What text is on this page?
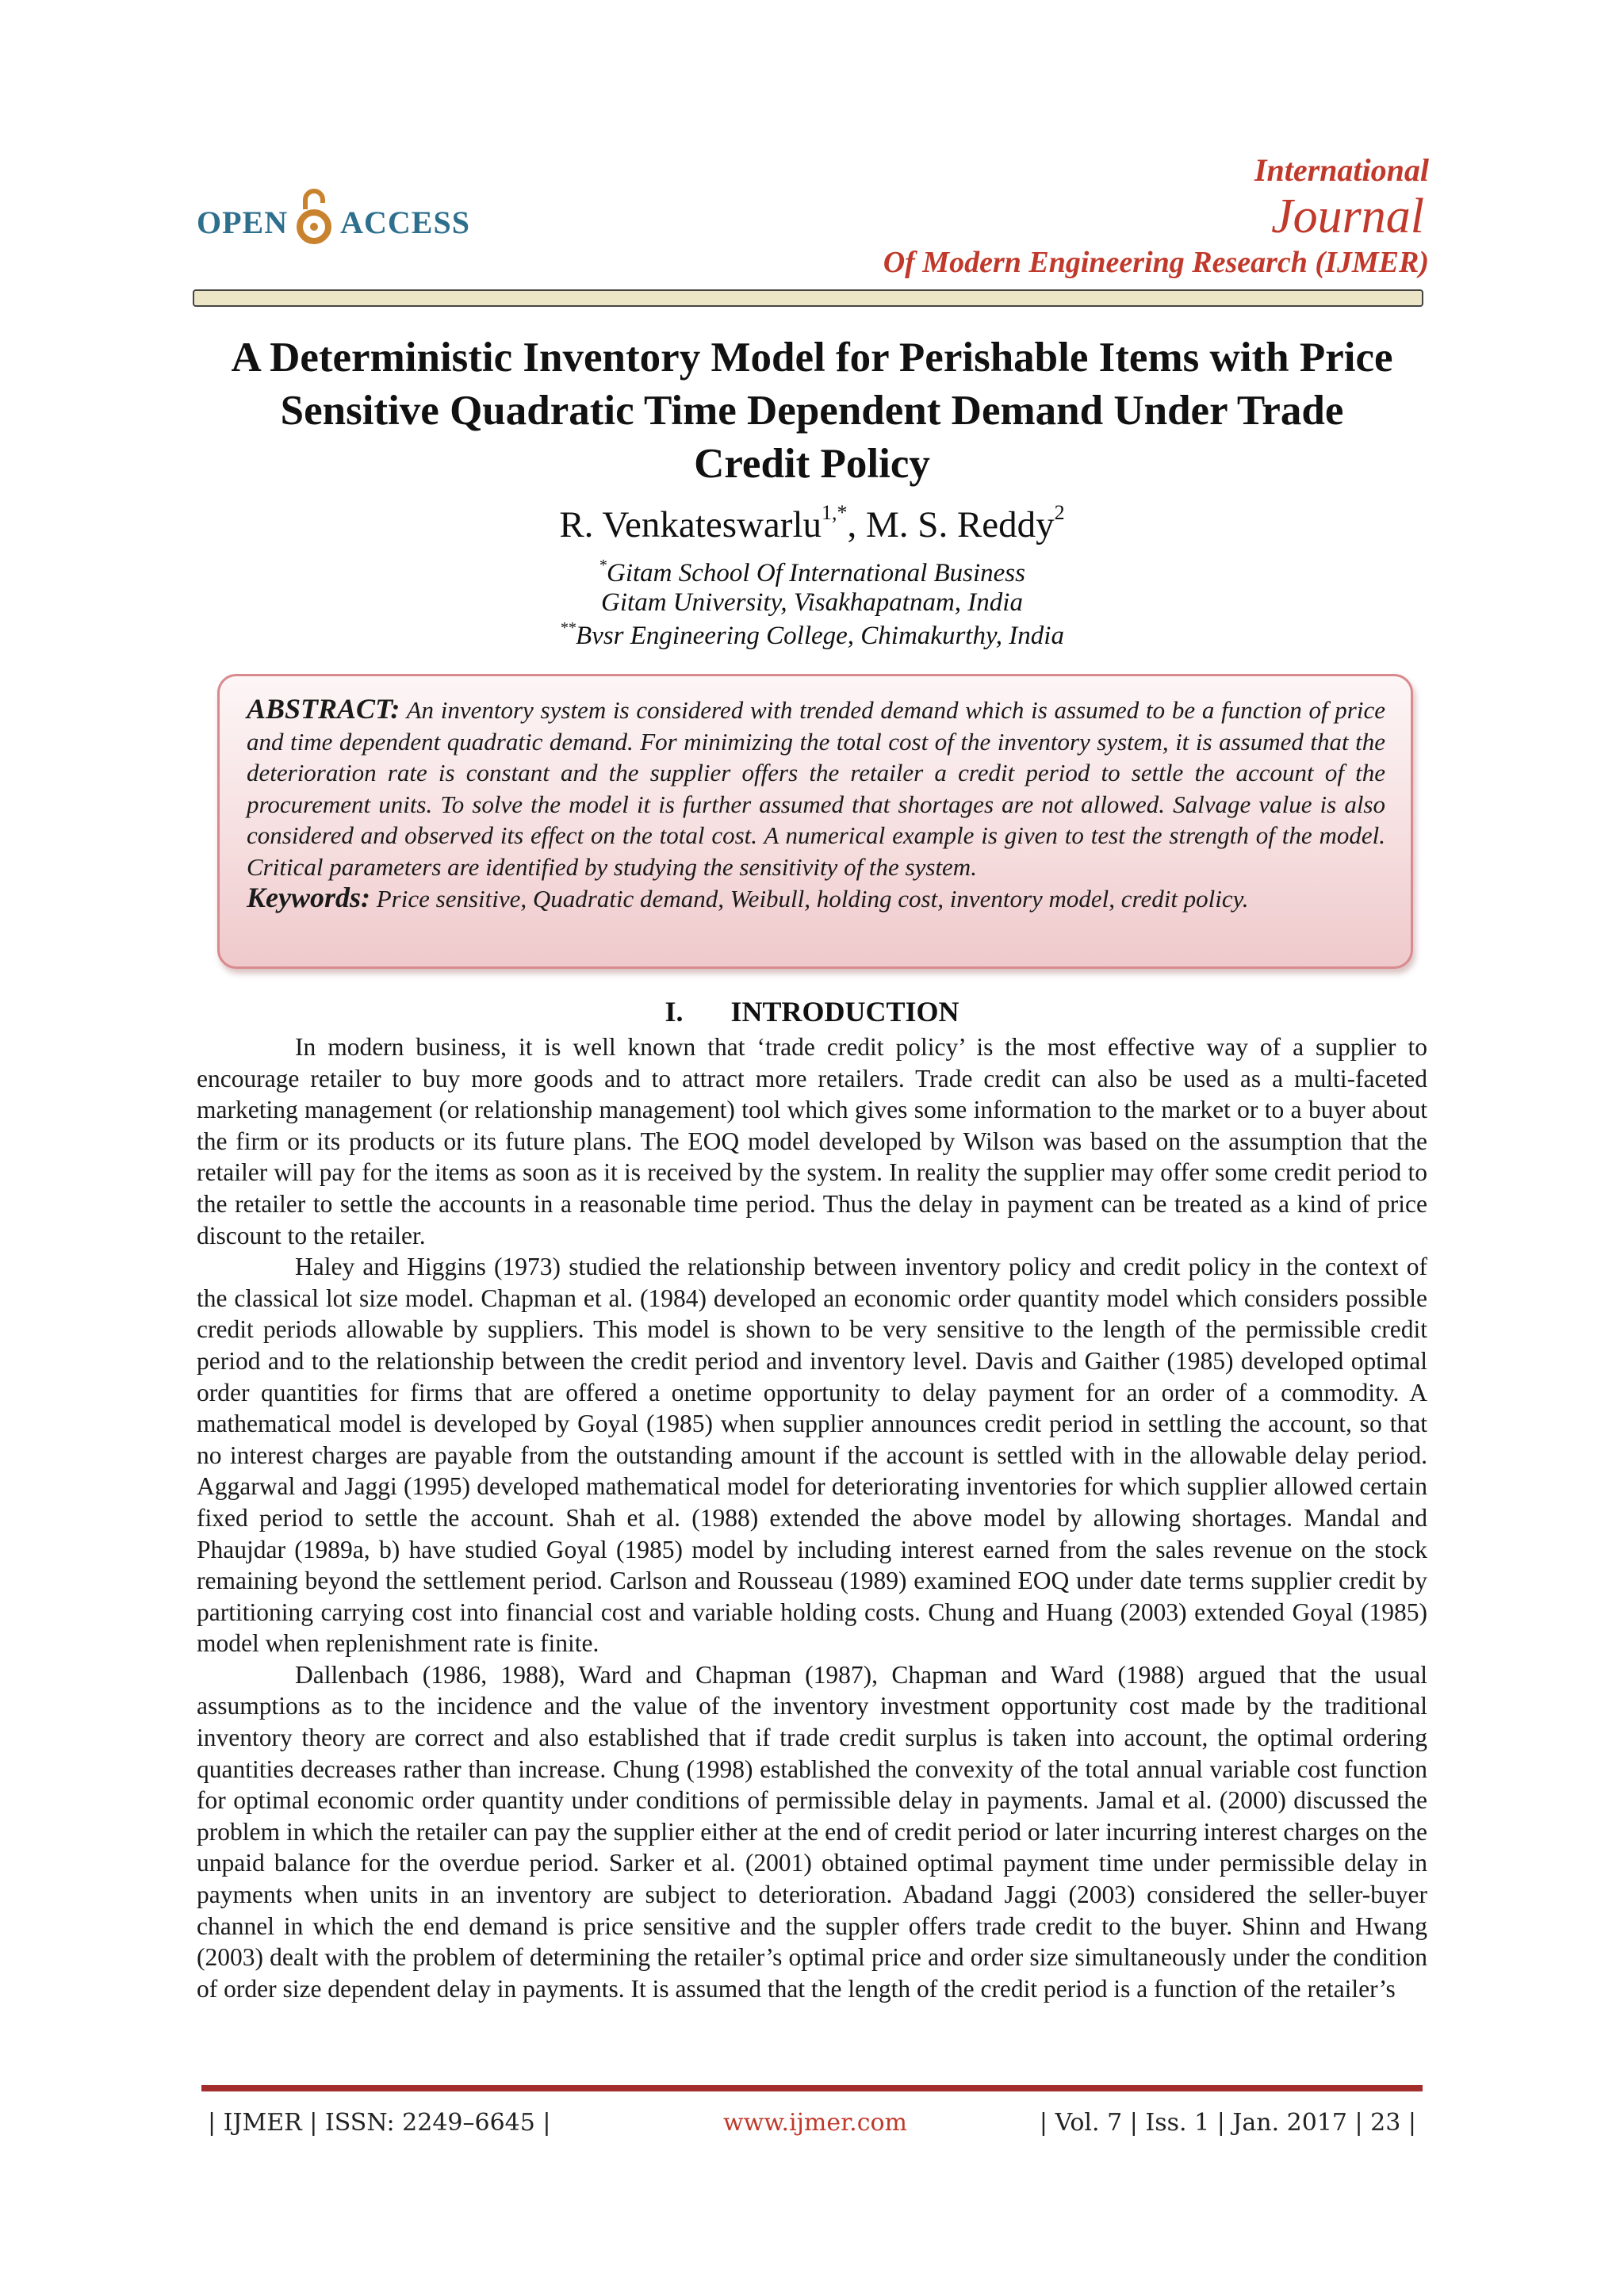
OPEN ACCESS
International
Journal
Of Modern Engineering Research (IJMER)
A Deterministic Inventory Model for Perishable Items with Price
Sensitive Quadratic Time Dependent Demand Under Trade
Credit Policy
R. Venkateswarlu$^{1,*}$, M. S. Reddy$^2$
*Gitam School Of International Business
Gitam University, Visakhapatnam, India
**Bvsr Engineering College, Chimakurthy, India

ABSTRACT: An inventory system is considered with trended demand which is assumed to be a function of price and time dependent quadratic demand. For minimizing the total cost of the inventory system, it is assumed that the deterioration rate is constant and the supplier offers the retailer a credit period to settle the account of the procurement units. To solve the model it is further assumed that shortages are not allowed. Salvage value is also considered and observed its effect on the total cost. A numerical example is given to test the strength of the model. Critical parameters are identified by studying the sensitivity of the system.

Keywords: Price sensitive, Quadratic demand, Weibull, holding cost, inventory model, credit policy.

I. INTRODUCTION

In modern business, it is well known that ‘trade credit policy’ is the most effective way of a supplier to encourage retailer to buy more goods and to attract more retailers. Trade credit can also be used as a multi-faceted marketing management (or relationship management) tool which gives some information to the market or to a buyer about the firm or its products or its future plans. The EOQ model developed by Wilson was based on the assumption that the retailer will pay for the items as soon as it is received by the system. In reality the supplier may offer some credit period to the retailer to settle the accounts in a reasonable time period. Thus the delay in payment can be treated as a kind of price discount to the retailer.

Haley and Higgins (1973) studied the relationship between inventory policy and credit policy in the context of the classical lot size model. Chapman et al. (1984) developed an economic order quantity model which considers possible credit periods allowable by suppliers. This model is shown to be very sensitive to the length of the permissible credit period and to the relationship between the credit period and inventory level. Davis and Gaither (1985) developed optimal order quantities for firms that are offered a onetime opportunity to delay payment for an order of a commodity. A mathematical model is developed by Goyal (1985) when supplier announces credit period in settling the account, so that no interest charges are payable from the outstanding amount if the account is settled with in the allowable delay period. Aggarwal and Jaggi (1995) developed mathematical model for deteriorating inventories for which supplier allowed certain fixed period to settle the account. Shah et al. (1988) extended the above model by allowing shortages. Mandal and Phaujdar (1989a, b) have studied Goyal (1985) model by including interest earned from the sales revenue on the stock remaining beyond the settlement period. Carlson and Rousseau (1989) examined EOQ under date terms supplier credit by partitioning carrying cost into financial cost and variable holding costs. Chung and Huang (2003) extended Goyal (1985) model when replenishment rate is finite.

Dallenbach (1986, 1988), Ward and Chapman (1987), Chapman and Ward (1988) argued that the usual assumptions as to the incidence and the value of the inventory investment opportunity cost made by the traditional inventory theory are correct and also established that if trade credit surplus is taken into account, the optimal ordering quantities decreases rather than increase. Chung (1998) established the convexity of the total annual variable cost function for optimal economic order quantity under conditions of permissible delay in payments. Jamal et al. (2000) discussed the problem in which the retailer can pay the supplier either at the end of credit period or later incurring interest charges on the unpaid balance for the overdue period. Sarker et al. (2001) obtained optimal payment time under permissible delay in payments when units in an inventory are subject to deterioration. Abadand Jaggi (2003) considered the seller-buyer channel in which the end demand is price sensitive and the suppler offers trade credit to the buyer. Shinn and Hwang (2003) dealt with the problem of determining the retailer’s optimal price and order size simultaneously under the condition of order size dependent delay in payments. It is assumed that the length of the credit period is a function of the retailer’s

| IJMER | ISSN: 2249–6645 |	www.ijmer.com	| Vol. 7 | Iss. 1 | Jan. 2017 | 23 |
